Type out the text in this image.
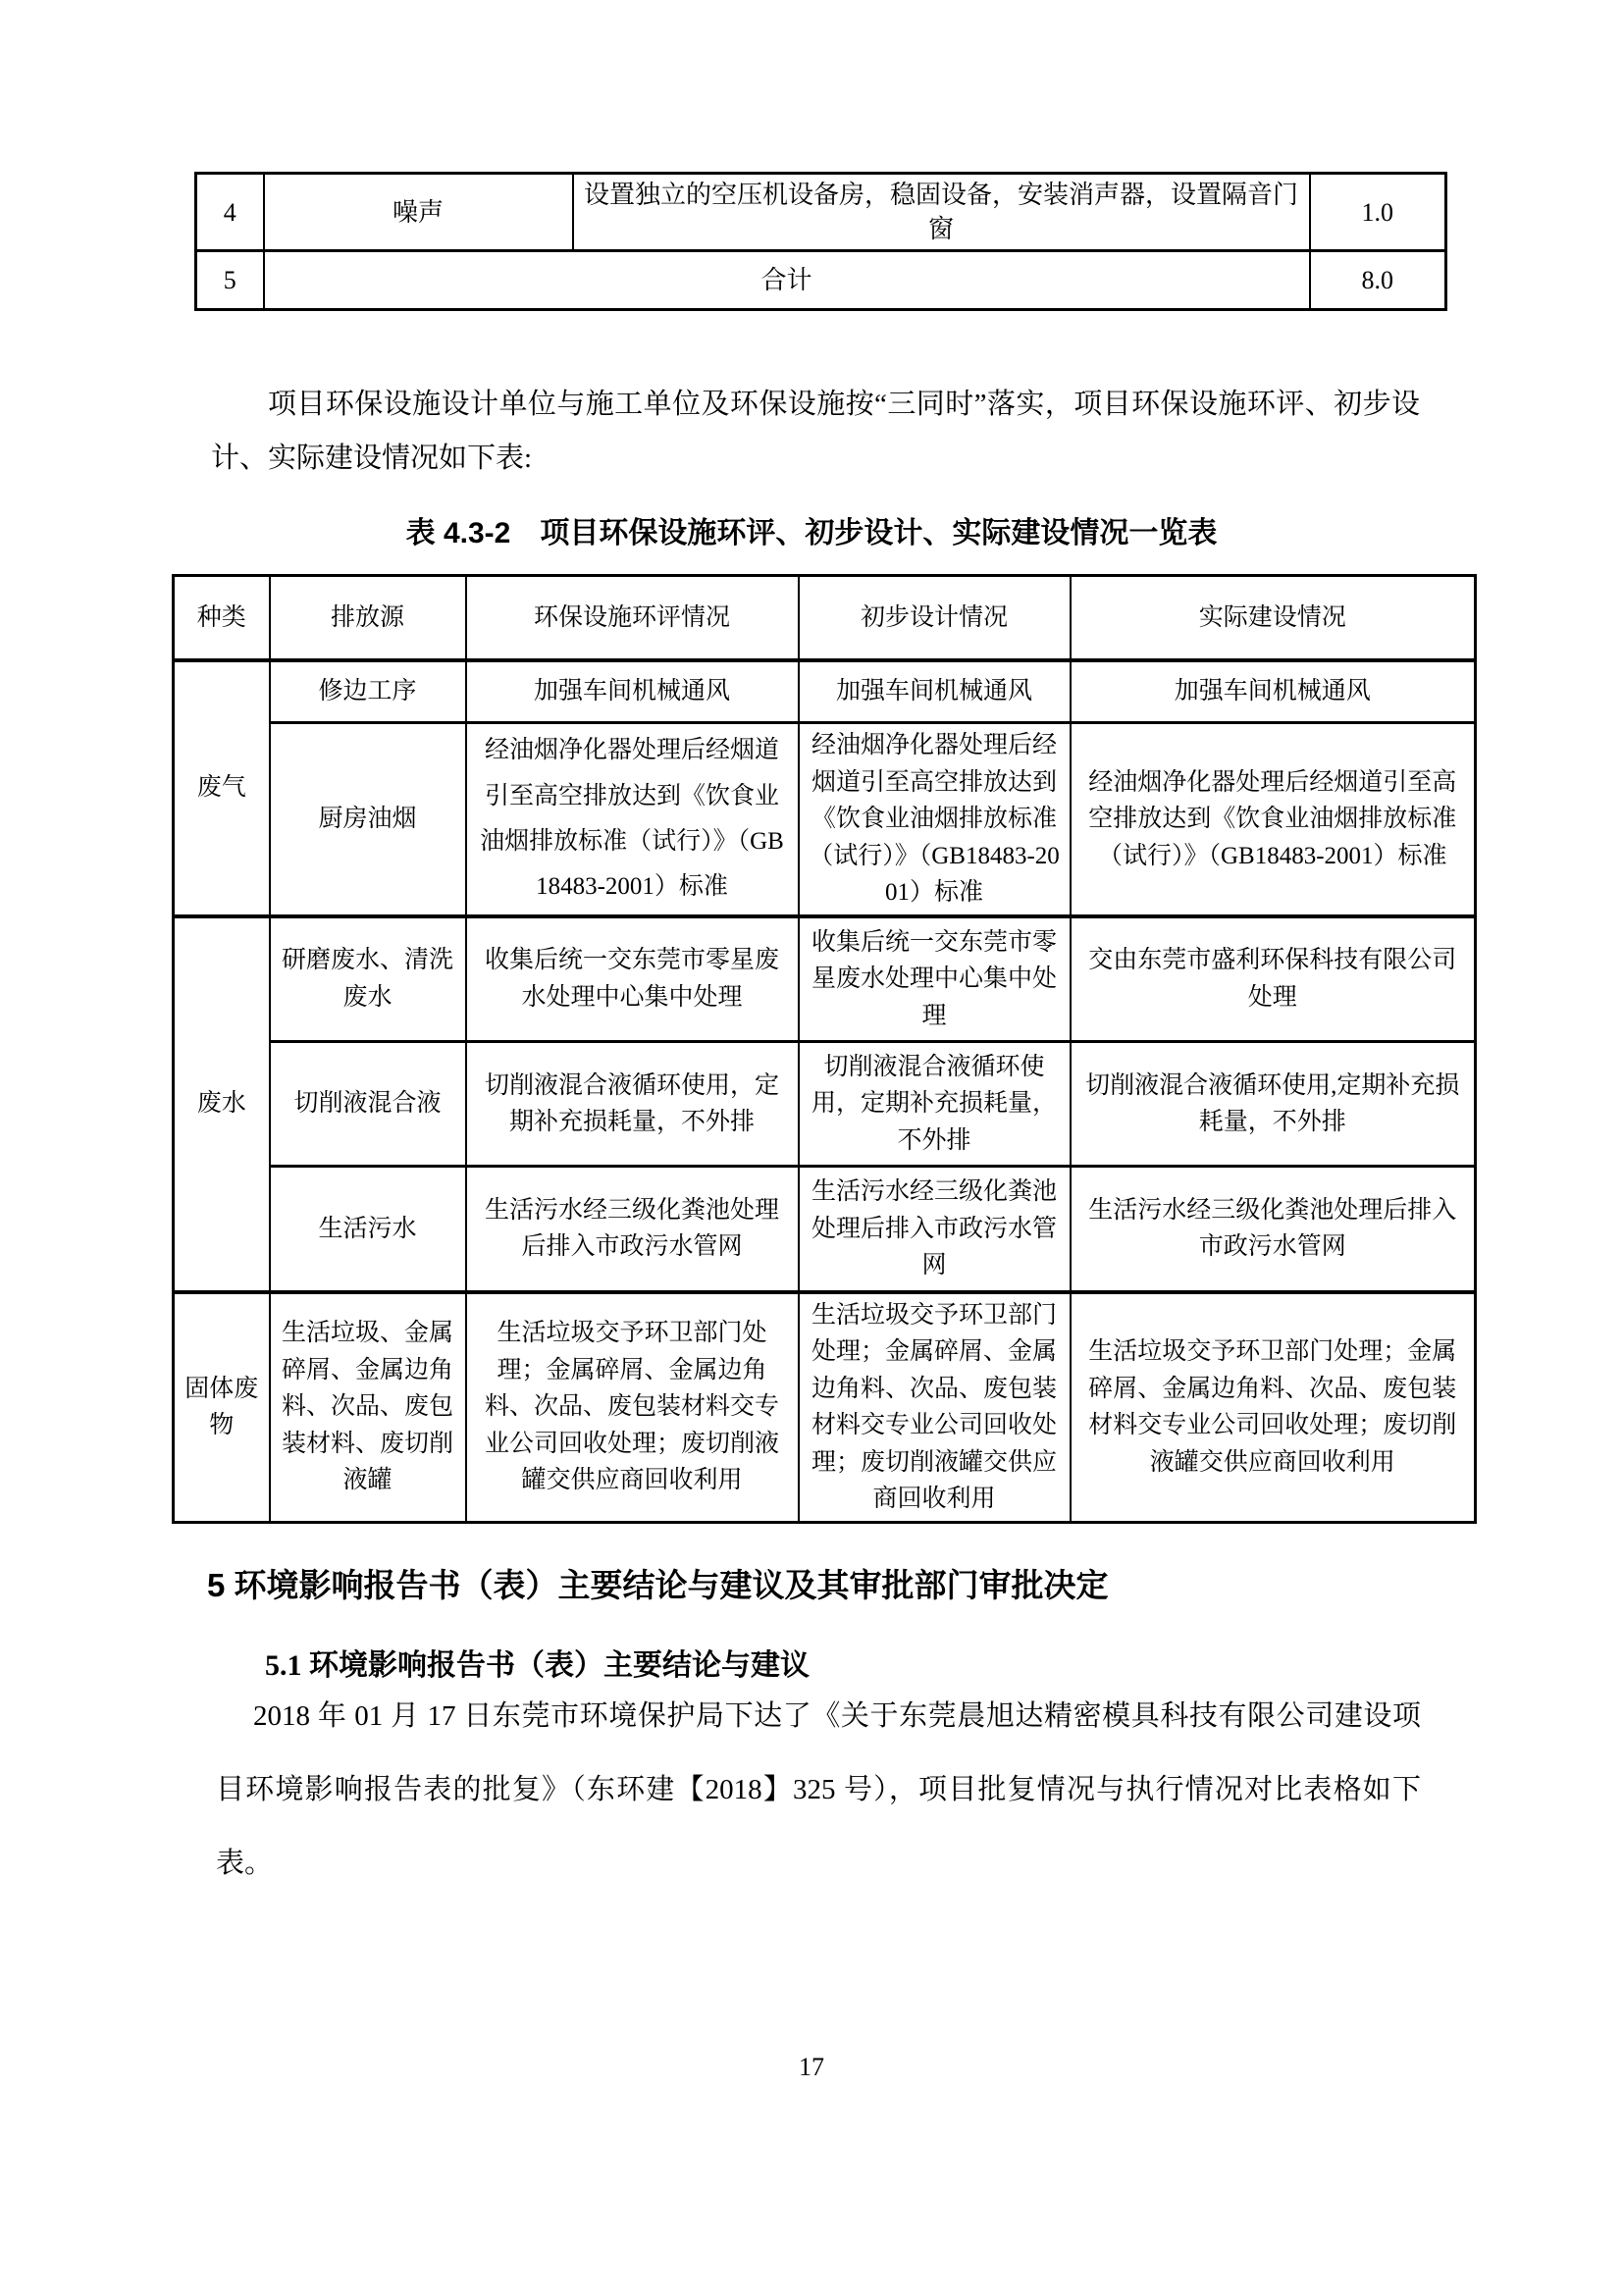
4	噪声	设置独立的空压机设备房，稳固设备，安装消声器，设置隔音门窗	1.0
5	合计		8.0
项目环保设施设计单位与施工单位及环保设施按“三同时”落实，项目环保设施环评、初步设计、实际建设情况如下表:
表 4.3-2　项目环保设施环评、初步设计、实际建设情况一览表
种类	排放源	环保设施环评情况	初步设计情况	实际建设情况
废气	修边工序	加强车间机械通风	加强车间机械通风	加强车间机械通风
	厨房油烟	经油烟净化器处理后经烟道引至高空排放达到《饮食业油烟排放标准（试行）》（GB18483-2001）标准	经油烟净化器处理后经烟道引至高空排放达到《饮食业油烟排放标准（试行）》（GB18483-2001）标准	经油烟净化器处理后经烟道引至高空排放达到《饮食业油烟排放标准（试行）》（GB18483-2001）标准
废水	研磨废水、清洗废水	收集后统一交东莞市零星废水处理中心集中处理	收集后统一交东莞市零星废水处理中心集中处理	交由东莞市盛利环保科技有限公司处理
	切削液混合液	切削液混合液循环使用，定期补充损耗量，不外排	切削液混合液循环使用，定期补充损耗量，不外排	切削液混合液循环使用,定期补充损耗量，不外排
	生活污水	生活污水经三级化粪池处理后排入市政污水管网	生活污水经三级化粪池处理后排入市政污水管网	生活污水经三级化粪池处理后排入市政污水管网
固体废物	生活垃圾、金属碎屑、金属边角料、次品、废包装材料、废切削液罐	生活垃圾交予环卫部门处理；金属碎屑、金属边角料、次品、废包装材料交专业公司回收处理；废切削液罐交供应商回收利用	生活垃圾交予环卫部门处理；金属碎屑、金属边角料、次品、废包装材料交专业公司回收处理；废切削液罐交供应商回收利用	生活垃圾交予环卫部门处理；金属碎屑、金属边角料、次品、废包装材料交专业公司回收处理；废切削液罐交供应商回收利用
5 环境影响报告书（表）主要结论与建议及其审批部门审批决定
5.1 环境影响报告书（表）主要结论与建议
2018 年 01 月 17 日东莞市环境保护局下达了《关于东莞晨旭达精密模具科技有限公司建设项目环境影响报告表的批复》（东环建【2018】325 号），项目批复情况与执行情况对比表格如下表。
17
